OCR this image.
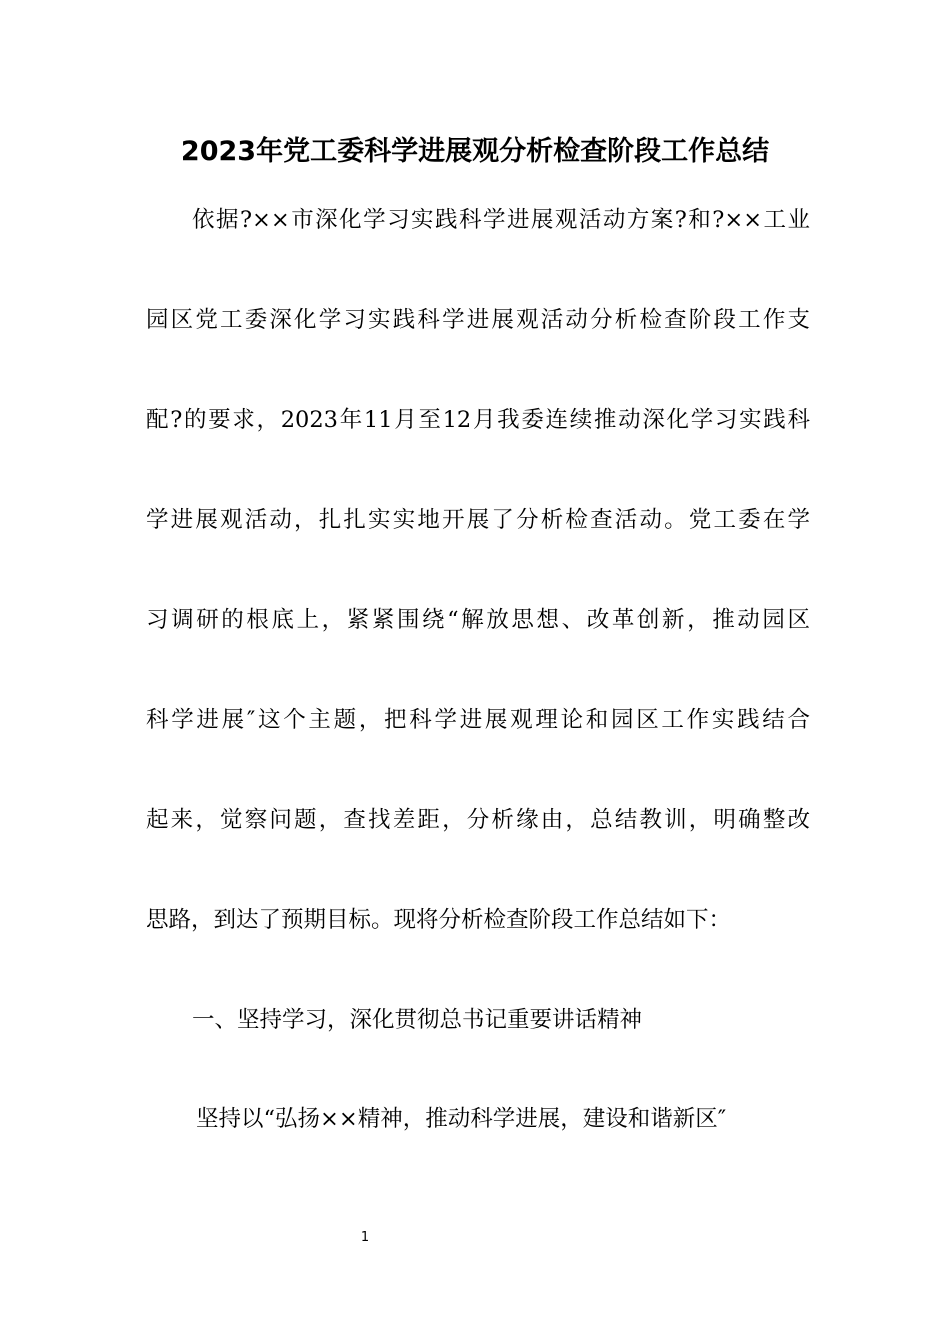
2023年党工委科学进展观分析检查阶段工作总结

依据?××市深化学习实践科学进展观活动方案?和?××工业

园区党工委深化学习实践科学进展观活动分析检查阶段工作支

配?的要求，2023年11月至12月我委连续推动深化学习实践科

学进展观活动，扎扎实实地开展了分析检查活动。党工委在学

习调研的根底上，紧紧围绕“解放思想、改革创新，推动园区

科学进展″这个主题，把科学进展观理论和园区工作实践结合

起来，觉察问题，查找差距，分析缘由，总结教训，明确整改

思路，到达了预期目标。现将分析检查阶段工作总结如下：

一、坚持学习，深化贯彻总书记重要讲话精神

坚持以“弘扬××精神，推动科学进展，建设和谐新区″

1
